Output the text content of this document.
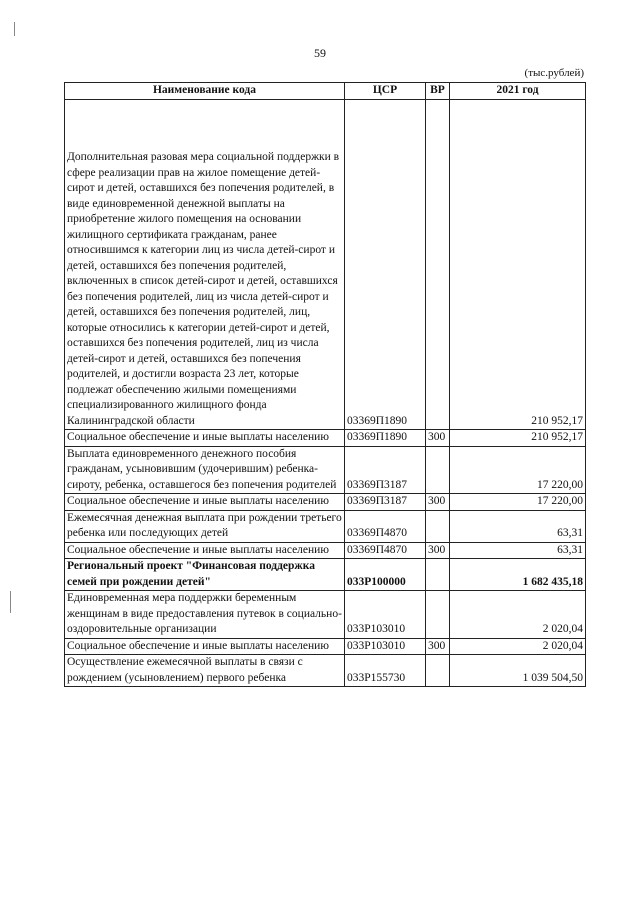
59
(тыс.рублей)
Наименование кода	ЦСР	ВР	2021 год
Дополнительная разовая мера социальной поддержки в сфере реализации прав на жилое помещение детей-сирот и детей, оставшихся без попечения родителей, в виде единовременной денежной выплаты на приобретение жилого помещения на основании жилищного сертификата гражданам, ранее относившимся к категории лиц из числа детей-сирот и детей, оставшихся без попечения родителей, включенных в список детей-сирот и детей, оставшихся без попечения родителей, лиц из числа детей-сирот и детей, оставшихся без попечения родителей, лиц, которые относились к категории детей-сирот и детей, оставшихся без попечения родителей, лиц из числа детей-сирот и детей, оставшихся без попечения родителей, и достигли возраста 23 лет, которые подлежат обеспечению жилыми помещениями специализированного жилищного фонда Калининградской области	03369П1890		210 952,17
Социальное обеспечение и иные выплаты населению	03369П1890	300	210 952,17
Выплата единовременного денежного пособия гражданам, усыновившим (удочерившим) ребенка-сироту, ребенка, оставшегося без попечения родителей	03369П3187		17 220,00
Социальное обеспечение и иные выплаты населению	03369П3187	300	17 220,00
Ежемесячная денежная выплата при рождении третьего ребенка или последующих детей	03369П4870		63,31
Социальное обеспечение и иные выплаты населению	03369П4870	300	63,31
Региональный проект "Финансовая поддержка семей при рождении детей"	033P100000		1 682 435,18
Единовременная мера поддержки беременным женщинам в виде предоставления путевок в социально-оздоровительные организации	033P103010		2 020,04
Социальное обеспечение и иные выплаты населению	033P103010	300	2 020,04
Осуществление ежемесячной выплаты в связи с рождением (усыновлением) первого ребенка	033P155730		1 039 504,50
